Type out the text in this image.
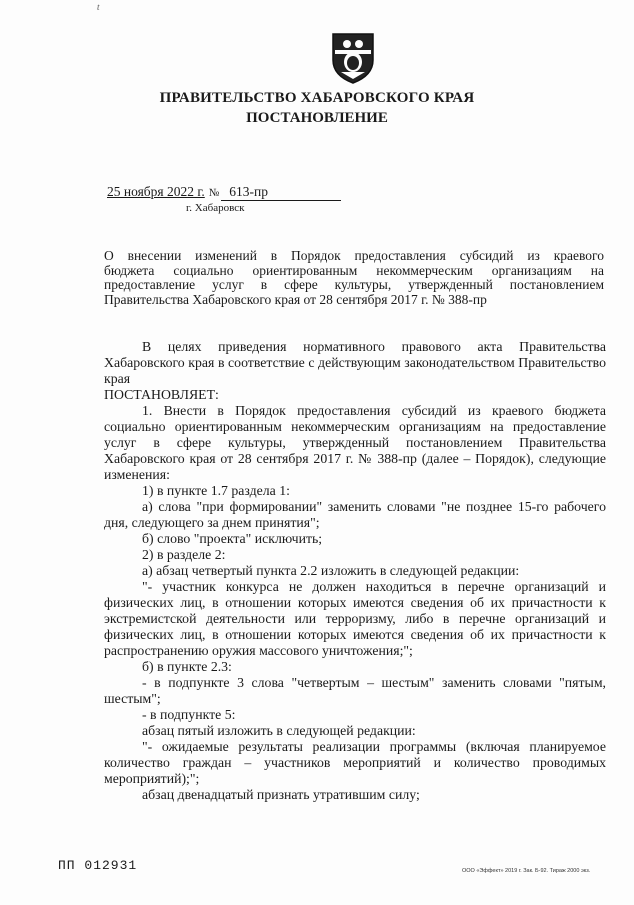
t
ПРАВИТЕЛЬСТВО ХАБАРОВСКОГО КРАЯ
ПОСТАНОВЛЕНИЕ
25 ноября 2022 г. № 613-пр
г. Хабаровск
О внесении изменений в Порядок предоставления субсидий из краевого
бюджета социально ориентированным некоммерческим организациям на
предоставление услуг в сфере культуры, утвержденный постановлением
Правительства Хабаровского края от 28 сентября 2017 г. № 388-пр

В целях приведения нормативного правового акта Правительства Хабаровского края в соответствие с действующим законодательством Правительство края

ПОСТАНОВЛЯЕТ:

1. Внести в Порядок предоставления субсидий из краевого бюджета социально ориентированным некоммерческим организациям на предоставление услуг в сфере культуры, утвержденный постановлением Правительства Хабаровского края от 28 сентября 2017 г. № 388-пр (далее – Порядок), следующие изменения:

1) в пункте 1.7 раздела 1:

а) слова "при формировании" заменить словами "не позднее 15-го рабочего дня, следующего за днем принятия";

б) слово "проекта" исключить;

2) в разделе 2:

а) абзац четвертый пункта 2.2 изложить в следующей редакции:

"- участник конкурса не должен находиться в перечне организаций и физических лиц, в отношении которых имеются сведения об их причастности к экстремистской деятельности или терроризму, либо в перечне организаций и физических лиц, в отношении которых имеются сведения об их причастности к распространению оружия массового уничтожения;";

б) в пункте 2.3:

- в подпункте 3 слова "четвертым – шестым" заменить словами "пятым, шестым";

- в подпункте 5:

абзац пятый изложить в следующей редакции:

"- ожидаемые результаты реализации программы (включая планируемое количество граждан – участников мероприятий и количество проводимых мероприятий);";

абзац двенадцатый признать утратившим силу;

ПП 012931	ООО «Эффект» 2019 г. Зак. Б-92. Тираж 2000 экз.
